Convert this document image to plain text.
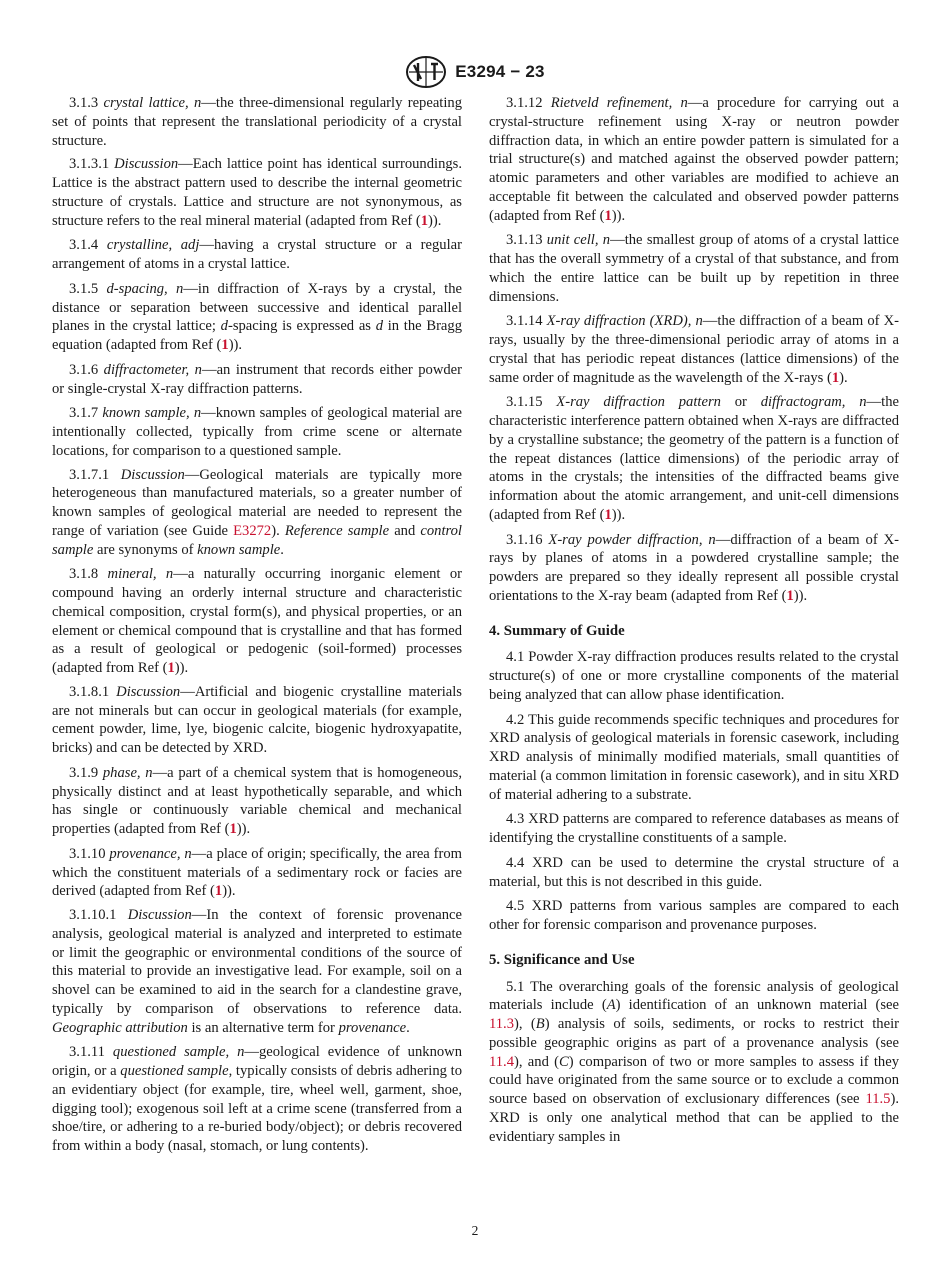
E3294 − 23

3.1.3 crystal lattice, n—the three-dimensional regularly repeating set of points that represent the translational periodicity of a crystal structure.

3.1.3.1 Discussion—Each lattice point has identical surroundings. Lattice is the abstract pattern used to describe the internal geometric structure of crystals. Lattice and structure are not synonymous, as structure refers to the real mineral material (adapted from Ref (1)).

3.1.4 crystalline, adj—having a crystal structure or a regular arrangement of atoms in a crystal lattice.

3.1.5 d-spacing, n—in diffraction of X-rays by a crystal, the distance or separation between successive and identical parallel planes in the crystal lattice; d-spacing is expressed as d in the Bragg equation (adapted from Ref (1)).

3.1.6 diffractometer, n—an instrument that records either powder or single-crystal X-ray diffraction patterns.

3.1.7 known sample, n—known samples of geological material are intentionally collected, typically from crime scene or alternate locations, for comparison to a questioned sample.

3.1.7.1 Discussion—Geological materials are typically more heterogeneous than manufactured materials, so a greater number of known samples of geological material are needed to represent the range of variation (see Guide E3272). Reference sample and control sample are synonyms of known sample.

3.1.8 mineral, n—a naturally occurring inorganic element or compound having an orderly internal structure and characteristic chemical composition, crystal form(s), and physical properties, or an element or chemical compound that is crystalline and that has formed as a result of geological or pedogenic (soil-formed) processes (adapted from Ref (1)).

3.1.8.1 Discussion—Artificial and biogenic crystalline materials are not minerals but can occur in geological materials (for example, cement powder, lime, lye, biogenic calcite, biogenic hydroxyapatite, bricks) and can be detected by XRD.

3.1.9 phase, n—a part of a chemical system that is homogeneous, physically distinct and at least hypothetically separable, and which has single or continuously variable chemical and mechanical properties (adapted from Ref (1)).

3.1.10 provenance, n—a place of origin; specifically, the area from which the constituent materials of a sedimentary rock or facies are derived (adapted from Ref (1)).

3.1.10.1 Discussion—In the context of forensic provenance analysis, geological material is analyzed and interpreted to estimate or limit the geographic or environmental conditions of the source of this material to provide an investigative lead. For example, soil on a shovel can be examined to aid in the search for a clandestine grave, typically by comparison of observations to reference data. Geographic attribution is an alternative term for provenance.

3.1.11 questioned sample, n—geological evidence of unknown origin, or a questioned sample, typically consists of debris adhering to an evidentiary object (for example, tire, wheel well, garment, shoe, digging tool); exogenous soil left at a crime scene (transferred from a shoe/tire, or adhering to a re-buried body/object); or debris recovered from within a body (nasal, stomach, or lung contents).

3.1.12 Rietveld refinement, n—a procedure for carrying out a crystal-structure refinement using X-ray or neutron powder diffraction data, in which an entire powder pattern is simulated for a trial structure(s) and matched against the observed powder pattern; atomic parameters and other variables are modified to achieve an acceptable fit between the calculated and observed powder patterns (adapted from Ref (1)).

3.1.13 unit cell, n—the smallest group of atoms of a crystal lattice that has the overall symmetry of a crystal of that substance, and from which the entire lattice can be built up by repetition in three dimensions.

3.1.14 X-ray diffraction (XRD), n—the diffraction of a beam of X-rays, usually by the three-dimensional periodic array of atoms in a crystal that has periodic repeat distances (lattice dimensions) of the same order of magnitude as the wavelength of the X-rays (1).

3.1.15 X-ray diffraction pattern or diffractogram, n—the characteristic interference pattern obtained when X-rays are diffracted by a crystalline substance; the geometry of the pattern is a function of the repeat distances (lattice dimensions) of the periodic array of atoms in the crystals; the intensities of the diffracted beams give information about the atomic arrangement, and unit-cell dimensions (adapted from Ref (1)).

3.1.16 X-ray powder diffraction, n—diffraction of a beam of X-rays by planes of atoms in a powdered crystalline sample; the powders are prepared so they ideally represent all possible crystal orientations to the X-ray beam (adapted from Ref (1)).

4. Summary of Guide

4.1 Powder X-ray diffraction produces results related to the crystal structure(s) of one or more crystalline components of the material being analyzed that can allow phase identification.

4.2 This guide recommends specific techniques and procedures for XRD analysis of geological materials in forensic casework, including XRD analysis of minimally modified materials, small quantities of material (a common limitation in forensic casework), and in situ XRD of material adhering to a substrate.

4.3 XRD patterns are compared to reference databases as means of identifying the crystalline constituents of a sample.

4.4 XRD can be used to determine the crystal structure of a material, but this is not described in this guide.

4.5 XRD patterns from various samples are compared to each other for forensic comparison and provenance purposes.

5. Significance and Use

5.1 The overarching goals of the forensic analysis of geological materials include (A) identification of an unknown material (see 11.3), (B) analysis of soils, sediments, or rocks to restrict their possible geographic origins as part of a provenance analysis (see 11.4), and (C) comparison of two or more samples to assess if they could have originated from the same source or to exclude a common source based on observation of exclusionary differences (see 11.5). XRD is only one analytical method that can be applied to the evidentiary samples in

2
